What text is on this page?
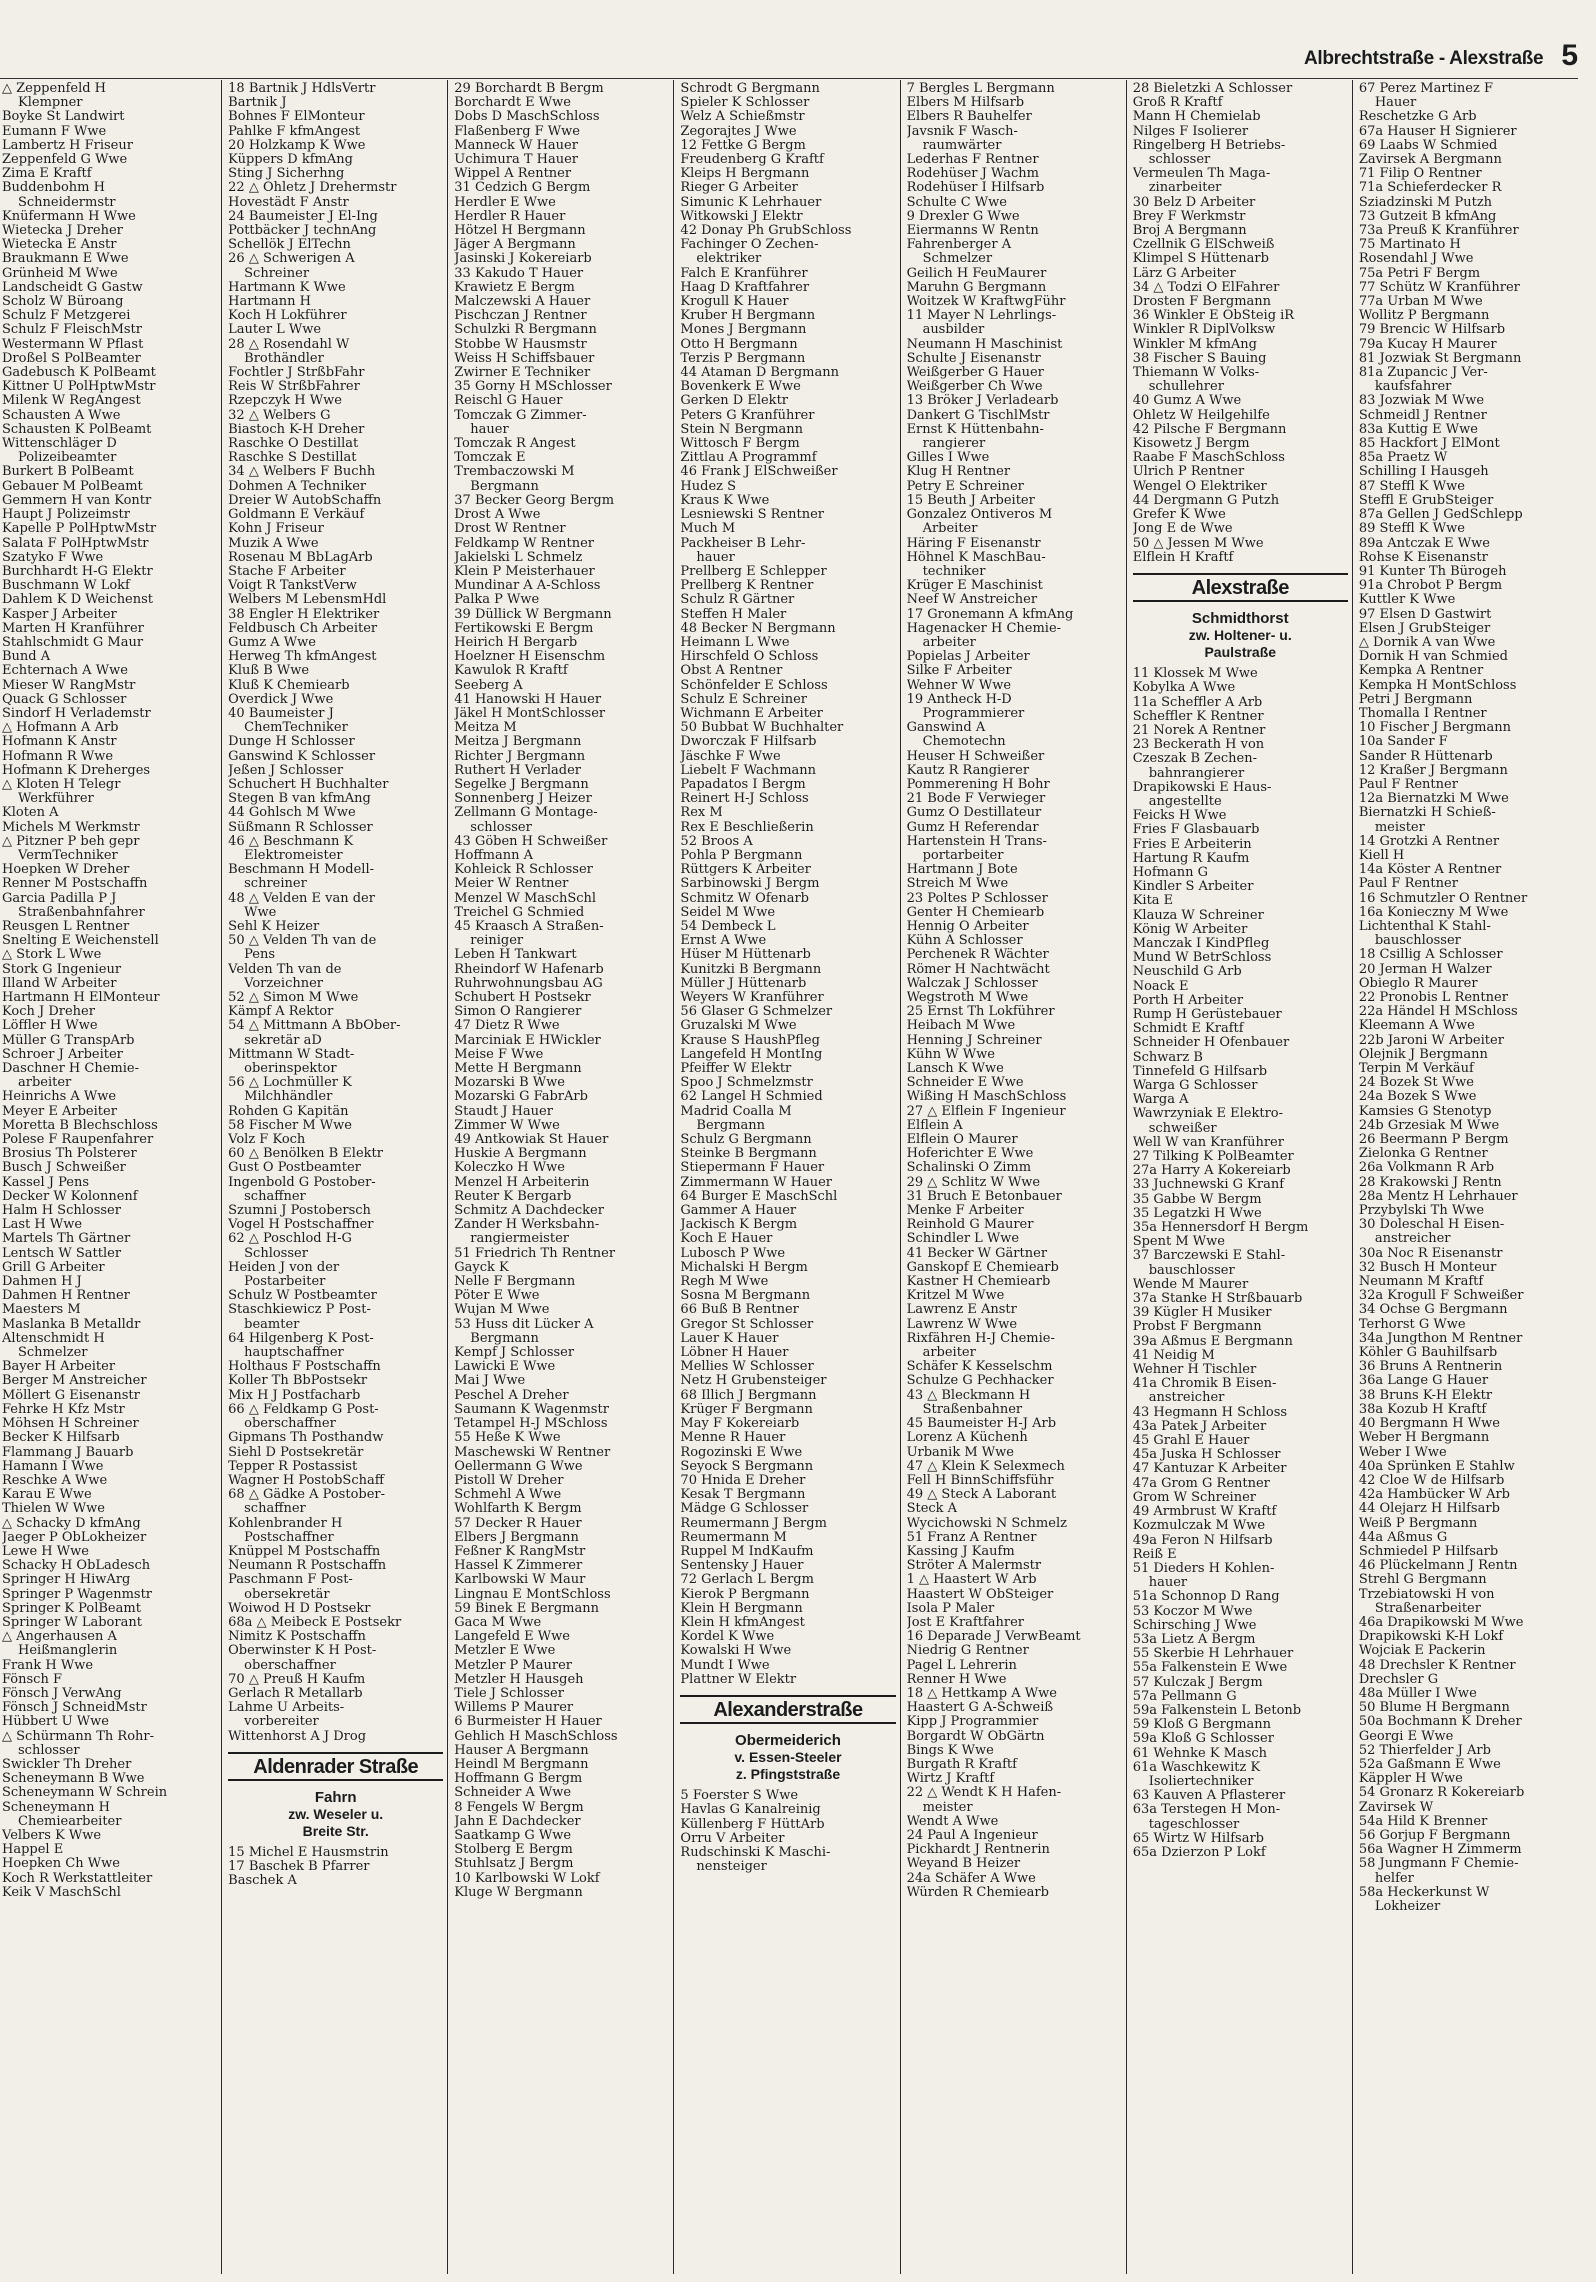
Albrechtstraße - Alexstraße 5
△ Zeppenfeld H
Klempner
Boyke St Landwirt
Eumann F Wwe
Lambertz H Friseur
Zeppenfeld G Wwe
Zima E Kraftf
Buddenbohm H
Schneidermstr
Knüfermann H Wwe
Wietecka J Dreher
Wietecka E Anstr
Braukmann E Wwe
Grünheid M Wwe
Landscheidt G Gastw
Scholz W Büroang
Schulz F Metzgerei
Schulz F FleischMstr
Westermann W Pflast
Droßel S PolBeamter
Gadebusch K PolBeamt
Kittner U PolHptwMstr
Milenk W RegAngest
Schausten A Wwe
Schausten K PolBeamt
Wittenschläger D
Polizeibeamter
Burkert B PolBeamt
Gebauer M PolBeamt
Gemmern H van Kontr
Haupt J Polizeimstr
Kapelle P PolHptwMstr
Salata F PolHptwMstr
Szatyko F Wwe
Burchhardt H-G Elektr
Buschmann W Lokf
Dahlem K D Weichenst
Kasper J Arbeiter
Marten H Kranführer
Stahlschmidt G Maur
Bund A
Echternach A Wwe
Mieser W RangMstr
Quack G Schlosser
Sindorf H Verlademstr
△ Hofmann A Arb
Hofmann K Anstr
Hofmann R Wwe
Hofmann K Dreherges
△ Kloten H Telegr
Werkführer
Kloten A
Michels M Werkmstr
△ Pitzner P beh gepr
VermTechniker
Hoepken W Dreher
Renner M Postschaffn
Garcia Padilla P J
Straßenbahnfahrer
Reusgen L Rentner
Snelting E Weichenstell
△ Stork L Wwe
Stork G Ingenieur
Illand W Arbeiter
Hartmann H ElMonteur
Koch J Dreher
Löffler H Wwe
Müller G TranspArb
Schroer J Arbeiter
Daschner H Chemie-
arbeiter
Heinrichs A Wwe
Meyer E Arbeiter
Moretta B Blechschloss
Polese F Raupenfahrer
Brosius Th Polsterer
Busch J Schweißer
Kassel J Pens
Decker W Kolonnenf
Halm H Schlosser
Last H Wwe
Martels Th Gärtner
Lentsch W Sattler
Grill G Arbeiter
Dahmen H J
Dahmen H Rentner
Maesters M
Maslanka B Metalldr
Altenschmidt H
Schmelzer
Bayer H Arbeiter
Berger M Anstreicher
Möllert G Eisenanstr
Fehrke H Kfz Mstr
Möhsen H Schreiner
Becker K Hilfsarb
Flammang J Bauarb
Hamann I Wwe
Reschke A Wwe
Karau E Wwe
Thielen W Wwe
△ Schacky D kfmAng
Jaeger P ObLokheizer
Lewe H Wwe
Schacky H ObLadesch
Springer H HiwArg
Springer P Wagenmstr
Springer K PolBeamt
Springer W Laborant
△ Angerhausen A
Heißmanglerin
Frank H Wwe
Fönsch F
Fönsch J VerwAng
Fönsch J SchneidMstr
Hübbert U Wwe
△ Schürmann Th Rohr-
schlosser
Swickler Th Dreher
Scheneymann B Wwe
Scheneymann W Schrein
Scheneymann H
Chemiearbeiter
Velbers K Wwe
Happel E
Hoepken Ch Wwe
Koch R Werkstattleiter
Keik V MaschSchl
18 Bartnik J HdlsVertr
Bartnik J
Bohnes F ElMonteur
Pahlke F kfmAngest
20 Holzkamp K Wwe
Küppers D kfmAng
Sting J Sicherhng
22 △ Ohletz J Drehermstr
Hovestädt F Anstr
24 Baumeister J El-Ing
Pottbäcker J technAng
Schellök J ElTechn
26 △ Schwerigen A
Schreiner
Hartmann K Wwe
Hartmann H
Koch H Lokführer
Lauter L Wwe
28 △ Rosendahl W
Brothändler
Fochtler J StrßbFahr
Reis W StrßbFahrer
Rzepczyk H Wwe
32 △ Welbers G
Biastoch K-H Dreher
Raschke O Destillat
Raschke S Destillat
34 △ Welbers F Buchh
Dohmen A Techniker
Dreier W AutobSchaffn
Goldmann E Verkäuf
Kohn J Friseur
Muzik A Wwe
Rosenau M BbLagArb
Stache F Arbeiter
Voigt R TankstVerw
Welbers M LebensmHdl
38 Engler H Elektriker
Feldbusch Ch Arbeiter
Gumz A Wwe
Herweg Th kfmAngest
Kluß B Wwe
Kluß K Chemiearb
Overdick J Wwe
40 Baumeister J
ChemTechniker
Dunge H Schlosser
Ganswind K Schlosser
Jeßen J Schlosser
Schuchert H Buchhalter
Stegen B van kfmAng
44 Gohlsch M Wwe
Süßmann R Schlosser
46 △ Beschmann K
Elektromeister
Beschmann H Modell-
schreiner
48 △ Velden E van der
Wwe
Sehl K Heizer
50 △ Velden Th van de
Pens
Velden Th van de
Vorzeichner
52 △ Simon M Wwe
Kämpf A Rektor
54 △ Mittmann A BbOber-
sekretär aD
Mittmann W Stadt-
oberinspektor
56 △ Lochmüller K
Milchhändler
Rohden G Kapitän
58 Fischer M Wwe
Volz F Koch
60 △ Benölken B Elektr
Gust O Postbeamter
Ingenbold G Postober-
schaffner
Szumni J Postobersch
Vogel H Postschaffner
62 △ Poschlod H-G
Schlosser
Heiden J von der
Postarbeiter
Schulz W Postbeamter
Staschkiewicz P Post-
beamter
64 Hilgenberg K Post-
hauptschaffner
Holthaus F Postschaffn
Koller Th BbPostsekr
Mix H J Postfacharb
66 △ Feldkamp G Post-
oberschaffner
Gipmans Th Posthandw
Siehl D Postsekretär
Tepper R Postassist
Wagner H PostobSchaff
68 △ Gädke A Postober-
schaffner
Kohlenbrander H
Postschaffner
Knüppel M Postschaffn
Neumann R Postschaffn
Paschmann F Post-
obersekretär
Woiwod H D Postsekr
68a △ Meibeck E Postsekr
Nimitz K Postschaffn
Oberwinster K H Post-
oberschaffner
70 △ Preuß H Kaufm
Gerlach R Metallarb
Lahme U Arbeits-
vorbereiter
Wittenhorst A J Drog
Aldenrader Straße
Fahrn
zw. Weseler u.
Breite Str.
15 Michel E Hausmstrin
17 Baschek B Pfarrer
Baschek A
29 Borchardt B Bergm
Borchardt E Wwe
Dobs D MaschSchloss
Flaßenberg F Wwe
Manneck W Hauer
Uchimura T Hauer
Wippel A Rentner
31 Cedzich G Bergm
Herdler E Wwe
Herdler R Hauer
Hötzel H Bergmann
Jäger A Bergmann
Jasinski J Kokereiarb
33 Kakudo T Hauer
Krawietz E Bergm
Malczewski A Hauer
Pischczan J Rentner
Schulzki R Bergmann
Stobbe W Hausmstr
Weiss H Schiffsbauer
Zwirner E Techniker
35 Gorny H MSchlosser
Reischl G Hauer
Tomczak G Zimmer-
hauer
Tomczak R Angest
Tomczak E
Trembaczowski M
Bergmann
37 Becker Georg Bergm
Drost A Wwe
Drost W Rentner
Feldkamp W Rentner
Jakielski L Schmelz
Klein P Meisterhauer
Mundinar A A-Schloss
Palka P Wwe
39 Düllick W Bergmann
Fertikowski E Bergm
Heirich H Bergarb
Hoelzner H Eisenschm
Kawulok R Kraftf
Seeberg A
41 Hanowski H Hauer
Jäkel H MontSchlosser
Meitza M
Meitza J Bergmann
Richter J Bergmann
Ruthert H Verlader
Segelke J Bergmann
Sonnenberg J Heizer
Zellmann G Montage-
schlosser
43 Göben H Schweißer
Hoffmann A
Kohleick R Schlosser
Meier W Rentner
Menzel W MaschSchl
Treichel G Schmied
45 Kraasch A Straßen-
reiniger
Leben H Tankwart
Rheindorf W Hafenarb
Ruhrwohnungsbau AG
Schubert H Postsekr
Simon O Rangierer
47 Dietz R Wwe
Marciniak E HWickler
Meise F Wwe
Mette H Bergmann
Mozarski B Wwe
Mozarski G FabrArb
Staudt J Hauer
Zimmer W Wwe
49 Antkowiak St Hauer
Huskie A Bergmann
Koleczko H Wwe
Menzel H Arbeiterin
Reuter K Bergarb
Schmitz A Dachdecker
Zander H Werksbahn-
rangiermeister
51 Friedrich Th Rentner
Gayck K
Nelle F Bergmann
Pöter E Wwe
Wujan M Wwe
53 Huss dit Lücker A
Bergmann
Kempf J Schlosser
Lawicki E Wwe
Mai J Wwe
Peschel A Dreher
Saumann K Wagenmstr
Tetampel H-J MSchloss
55 Heße K Wwe
Maschewski W Rentner
Oellermann G Wwe
Pistoll W Dreher
Schmehl A Wwe
Wohlfarth K Bergm
57 Decker R Hauer
Elbers J Bergmann
Feßner K RangMstr
Hassel K Zimmerer
Karlbowski W Maur
Lingnau E MontSchloss
59 Binek E Bergmann
Gaca M Wwe
Langefeld E Wwe
Metzler E Wwe
Metzler P Maurer
Metzler H Hausgeh
Tiele J Schlosser
Willems P Maurer
6 Burmeister H Hauer
Gehlich H MaschSchloss
Hauser A Bergmann
Heindl M Bergmann
Hoffmann G Bergm
Schneider A Wwe
8 Fengels W Bergm
Jahn E Dachdecker
Saatkamp G Wwe
Stolberg E Bergm
Stuhlsatz J Bergm
10 Karlbowski W Lokf
Kluge W Bergmann
Schrodt G Bergmann
Spieler K Schlosser
Welz A Schießmstr
Zegorajtes J Wwe
12 Fettke G Bergm
Freudenberg G Kraftf
Kleips H Bergmann
Rieger G Arbeiter
Simunic K Lehrhauer
Witkowski J Elektr
42 Donay Ph GrubSchloss
Fachinger O Zechen-
elektriker
Falch E Kranführer
Haag D Kraftfahrer
Krogull K Hauer
Kruber H Bergmann
Mones J Bergmann
Otto H Bergmann
Terzis P Bergmann
44 Ataman D Bergmann
Bovenkerk E Wwe
Gerken D Elektr
Peters G Kranführer
Stein N Bergmann
Wittosch F Bergm
Zittlau A Programmf
46 Frank J ElSchweißer
Hudez S
Kraus K Wwe
Lesniewski S Rentner
Much M
Packheiser B Lehr-
hauer
Prellberg E Schlepper
Prellberg K Rentner
Schulz R Gärtner
Steffen H Maler
48 Becker N Bergmann
Heimann L Wwe
Hirschfeld O Schloss
Obst A Rentner
Schönfelder E Schloss
Schulz E Schreiner
Wichmann E Arbeiter
50 Bubbat W Buchhalter
Dworczak F Hilfsarb
Jäschke F Wwe
Liebelt F Wachmann
Papadatos I Bergm
Reinert H-J Schloss
Rex M
Rex E Beschließerin
52 Broos A
Pohla P Bergmann
Rüttgers K Arbeiter
Sarbinowski J Bergm
Schmitz W Ofenarb
Seidel M Wwe
54 Dembeck L
Ernst A Wwe
Hüser M Hüttenarb
Kunitzki B Bergmann
Müller J Hüttenarb
Weyers W Kranführer
56 Glaser G Schmelzer
Gruzalski M Wwe
Krause S HaushPfleg
Langefeld H MontIng
Pfeiffer W Elektr
Spoo J Schmelzmstr
62 Langel H Schmied
Madrid Coalla M
Bergmann
Schulz G Bergmann
Steinke B Bergmann
Stiepermann F Hauer
Zimmermann W Hauer
64 Burger E MaschSchl
Gammer A Hauer
Jackisch K Bergm
Koch E Hauer
Lubosch P Wwe
Michalski H Bergm
Regh M Wwe
Sosna M Bergmann
66 Buß B Rentner
Gregor St Schlosser
Lauer K Hauer
Löbner H Hauer
Mellies W Schlosser
Netz H Grubensteiger
68 Illich J Bergmann
Krüger F Bergmann
May F Kokereiarb
Menne R Hauer
Rogozinski E Wwe
Seyock S Bergmann
70 Hnida E Dreher
Kesak T Bergmann
Mädge G Schlosser
Reumermann J Bergm
Reumermann M
Ruppel M IndKaufm
Sentensky J Hauer
72 Gerlach L Bergm
Kierok P Bergmann
Klein H Bergmann
Klein H kfmAngest
Kordel K Wwe
Kowalski H Wwe
Mundt I Wwe
Plattner W Elektr
Alexanderstraße
Obermeiderich
v. Essen-Steeler
z. Pfingststraße
5 Foerster S Wwe
Havlas G Kanalreinig
Küllenberg F HüttArb
Orru V Arbeiter
Rudschinski K Maschi-
nensteiger
7 Bergles L Bergmann
Elbers M Hilfsarb
Elbers R Bauhelfer
Javsnik F Wasch-
raumwärter
Lederhas F Rentner
Rodehüser J Wachm
Rodehüser I Hilfsarb
Schulte C Wwe
9 Drexler G Wwe
Eiermanns W Rentn
Fahrenberger A
Schmelzer
Geilich H FeuMaurer
Maruhn G Bergmann
Woitzek W KraftwgFühr
11 Mayer N Lehrlings-
ausbilder
Neumann H Maschinist
Schulte J Eisenanstr
Weißgerber G Hauer
Weißgerber Ch Wwe
13 Bröker J Verladearb
Dankert G TischlMstr
Ernst K Hüttenbahn-
rangierer
Gilles I Wwe
Klug H Rentner
Petry E Schreiner
15 Beuth J Arbeiter
Gonzalez Ontiveros M
Arbeiter
Häring F Eisenanstr
Höhnel K MaschBau-
techniker
Krüger E Maschinist
Neef W Anstreicher
17 Gronemann A kfmAng
Hagenacker H Chemie-
arbeiter
Popielas J Arbeiter
Silke F Arbeiter
Wehner W Wwe
19 Antheck H-D
Programmierer
Ganswind A
Chemotechn
Heuser H Schweißer
Kautz R Rangierer
Pommerening H Bohr
21 Bode F Verwieger
Gumz O Destillateur
Gumz H Referendar
Hartenstein H Trans-
portarbeiter
Hartmann J Bote
Streich M Wwe
23 Poltes P Schlosser
Genter H Chemiearb
Hennig O Arbeiter
Kühn A Schlosser
Perchenek R Wächter
Römer H Nachtwächt
Walczak J Schlosser
Wegstroth M Wwe
25 Ernst Th Lokführer
Heibach M Wwe
Henning J Schreiner
Kühn W Wwe
Lansch K Wwe
Schneider E Wwe
Wißing H MaschSchloss
27 △ Elflein F Ingenieur
Elflein A
Elflein O Maurer
Hoferichter E Wwe
Schalinski O Zimm
29 △ Schlitz W Wwe
31 Bruch E Betonbauer
Menke F Arbeiter
Reinhold G Maurer
Schindler L Wwe
41 Becker W Gärtner
Ganskopf E Chemiearb
Kastner H Chemiearb
Kritzel M Wwe
Lawrenz E Anstr
Lawrenz W Wwe
Rixfähren H-J Chemie-
arbeiter
Schäfer K Kesselschm
Schulze G Pechhacker
43 △ Bleckmann H
Straßenbahner
45 Baumeister H-J Arb
Lorenz A Küchenh
Urbanik M Wwe
47 △ Klein K Selexmech
Fell H BinnSchiffsführ
49 △ Steck A Laborant
Steck A
Wycichowski N Schmelz
51 Franz A Rentner
Kassing J Kaufm
Ströter A Malermstr
1 △ Haastert W Arb
Haastert W ObSteiger
Isola P Maler
Jost E Kraftfahrer
16 Deparade J VerwBeamt
Niedrig G Rentner
Pagel L Lehrerin
Renner H Wwe
18 △ Hettkamp A Wwe
Haastert G A-Schweiß
Kipp J Programmier
Borgardt W ObGärtn
Bings K Wwe
Burgath R Kraftf
Wirtz J Kraftf
22 △ Wendt K H Hafen-
meister
Wendt A Wwe
24 Paul A Ingenieur
Pickhardt J Rentnerin
Weyand B Heizer
24a Schäfer A Wwe
Würden R Chemiearb
28 Bieletzki A Schlosser
Groß R Kraftf
Mann H Chemielab
Nilges F Isolierer
Ringelberg H Betriebs-
schlosser
Vermeulen Th Maga-
zinarbeiter
30 Belz D Arbeiter
Brey F Werkmstr
Broj A Bergmann
Czellnik G ElSchweiß
Klimpel S Hüttenarb
Lärz G Arbeiter
34 △ Todzi O ElFahrer
Drosten F Bergmann
36 Winkler E ObSteig iR
Winkler R DiplVolksw
Winkler M kfmAng
38 Fischer S Bauing
Thiemann W Volks-
schullehrer
40 Gumz A Wwe
Ohletz W Heilgehilfe
42 Pilsche F Bergmann
Kisowetz J Bergm
Raabe F MaschSchloss
Ulrich P Rentner
Wengel O Elektriker
44 Dergmann G Putzh
Grefer K Wwe
Jong E de Wwe
50 △ Jessen M Wwe
Elflein H Kraftf
Alexstraße
Schmidthorst
zw. Holtener- u.
Paulstraße
11 Klossek M Wwe
Kobylka A Wwe
11a Scheffler A Arb
Scheffler K Rentner
21 Norek A Rentner
23 Beckerath H von
Czeszak B Zechen-
bahnrangierer
Drapikowski E Haus-
angestellte
Feicks H Wwe
Fries F Glasbauarb
Fries E Arbeiterin
Hartung R Kaufm
Hofmann G
Kindler S Arbeiter
Kita E
Klauza W Schreiner
König W Arbeiter
Manczak I KindPfleg
Mund W BetrSchloss
Neuschild G Arb
Noack E
Porth H Arbeiter
Rump H Gerüstebauer
Schmidt E Kraftf
Schneider H Ofenbauer
Schwarz B
Tinnefeld G Hilfsarb
Warga G Schlosser
Warga A
Wawrzyniak E Elektro-
schweißer
Well W van Kranführer
27 Tilking K PolBeamter
27a Harry A Kokereiarb
33 Juchnewski G Kranf
35 Gabbe W Bergm
35 Legatzki H Wwe
35a Hennersdorf H Bergm
Spent M Wwe
37 Barczewski E Stahl-
bauschlosser
Wende M Maurer
37a Stanke H Strßbauarb
39 Kügler H Musiker
Probst F Bergmann
39a Aßmus E Bergmann
41 Neidig M
Wehner H Tischler
41a Chromik B Eisen-
anstreicher
43 Hegmann H Schloss
43a Patek J Arbeiter
45 Grahl E Hauer
45a Juska H Schlosser
47 Kantuzar K Arbeiter
47a Grom G Rentner
Grom W Schreiner
49 Armbrust W Kraftf
Kozmulczak M Wwe
49a Feron N Hilfsarb
Reiß E
51 Dieders H Kohlen-
hauer
51a Schonnop D Rang
53 Koczor M Wwe
Schirsching J Wwe
53a Lietz A Bergm
55 Skerbie H Lehrhauer
55a Falkenstein E Wwe
57 Kulczak J Bergm
57a Pellmann G
59a Falkenstein L Betonb
59 Kloß G Bergmann
59a Kloß G Schlosser
61 Wehnke K Masch
61a Waschkewitz K
Isoliertechniker
63 Kauven A Pflasterer
63a Terstegen H Mon-
tageschlosser
65 Wirtz W Hilfsarb
65a Dzierzon P Lokf
67 Perez Martinez F
Hauer
Reschetzke G Arb
67a Hauser H Signierer
69 Laabs W Schmied
Zavirsek A Bergmann
71 Filip O Rentner
71a Schieferdecker R
Sziadzinski M Putzh
73 Gutzeit B kfmAng
73a Preuß K Kranführer
75 Martinato H
Rosendahl J Wwe
75a Petri F Bergm
77 Schütz W Kranführer
77a Urban M Wwe
Wollitz P Bergmann
79 Brencic W Hilfsarb
79a Kucay H Maurer
81 Jozwiak St Bergmann
81a Zupancic J Ver-
kaufsfahrer
83 Jozwiak M Wwe
Schmeidl J Rentner
83a Kuttig E Wwe
85 Hackfort J ElMont
85a Praetz W
Schilling I Hausgeh
87 Steffl K Wwe
Steffl E GrubSteiger
87a Gellen J GedSchlepp
89 Steffl K Wwe
89a Antczak E Wwe
Rohse K Eisenanstr
91 Kunter Th Bürogeh
91a Chrobot P Bergm
Kuttler K Wwe
97 Elsen D Gastwirt
Elsen J GrubSteiger
△ Dornik A van Wwe
Dornik H van Schmied
Kempka A Rentner
Kempka H MontSchloss
Petri J Bergmann
Thomalla I Rentner
10 Fischer J Bergmann
10a Sander F
Sander R Hüttenarb
12 Kraßer J Bergmann
Paul F Rentner
12a Biernatzki M Wwe
Biernatzki H Schieß-
meister
14 Grotzki A Rentner
Kiell H
14a Köster A Rentner
Paul F Rentner
16 Schmutzler O Rentner
16a Konieczny M Wwe
Lichtenthal K Stahl-
bauschlosser
18 Csillig A Schlosser
20 Jerman H Walzer
Obieglo R Maurer
22 Pronobis L Rentner
22a Händel H MSchloss
Kleemann A Wwe
22b Jaroni W Arbeiter
Olejnik J Bergmann
Terpin M Verkäuf
24 Bozek St Wwe
24a Bozek S Wwe
Kamsies G Stenotyp
24b Grzesiak M Wwe
26 Beermann P Bergm
Zielonka G Rentner
26a Volkmann R Arb
28 Krakowski J Rentn
28a Mentz H Lehrhauer
Przybylski Th Wwe
30 Doleschal H Eisen-
anstreicher
30a Noc R Eisenanstr
32 Busch H Monteur
Neumann M Kraftf
32a Krogull F Schweißer
34 Ochse G Bergmann
Terhorst G Wwe
34a Jungthon M Rentner
Köhler G Bauhilfsarb
36 Bruns A Rentnerin
36a Lange G Hauer
38 Bruns K-H Elektr
38a Kozub H Kraftf
40 Bergmann H Wwe
Weber H Bergmann
Weber I Wwe
40a Sprünken E Stahlw
42 Cloe W de Hilfsarb
42a Hambücker W Arb
44 Olejarz H Hilfsarb
Weiß P Bergmann
44a Aßmus G
Schmiedel P Hilfsarb
46 Plückelmann J Rentn
Strehl G Bergmann
Trzebiatowski H von
Straßenarbeiter
46a Drapikowski M Wwe
Drapikowski K-H Lokf
Wojciak E Packerin
48 Drechsler K Rentner
Drechsler G
48a Müller I Wwe
50 Blume H Bergmann
50a Bochmann K Dreher
Georgi E Wwe
52 Thierfelder J Arb
52a Gaßmann E Wwe
Käppler H Wwe
54 Gronarz R Kokereiarb
Zavirsek W
54a Hild K Brenner
56 Gorjup F Bergmann
56a Wagner H Zimmerm
58 Jungmann F Chemie-
helfer
58a Heckerkunst W
Lokheizer
